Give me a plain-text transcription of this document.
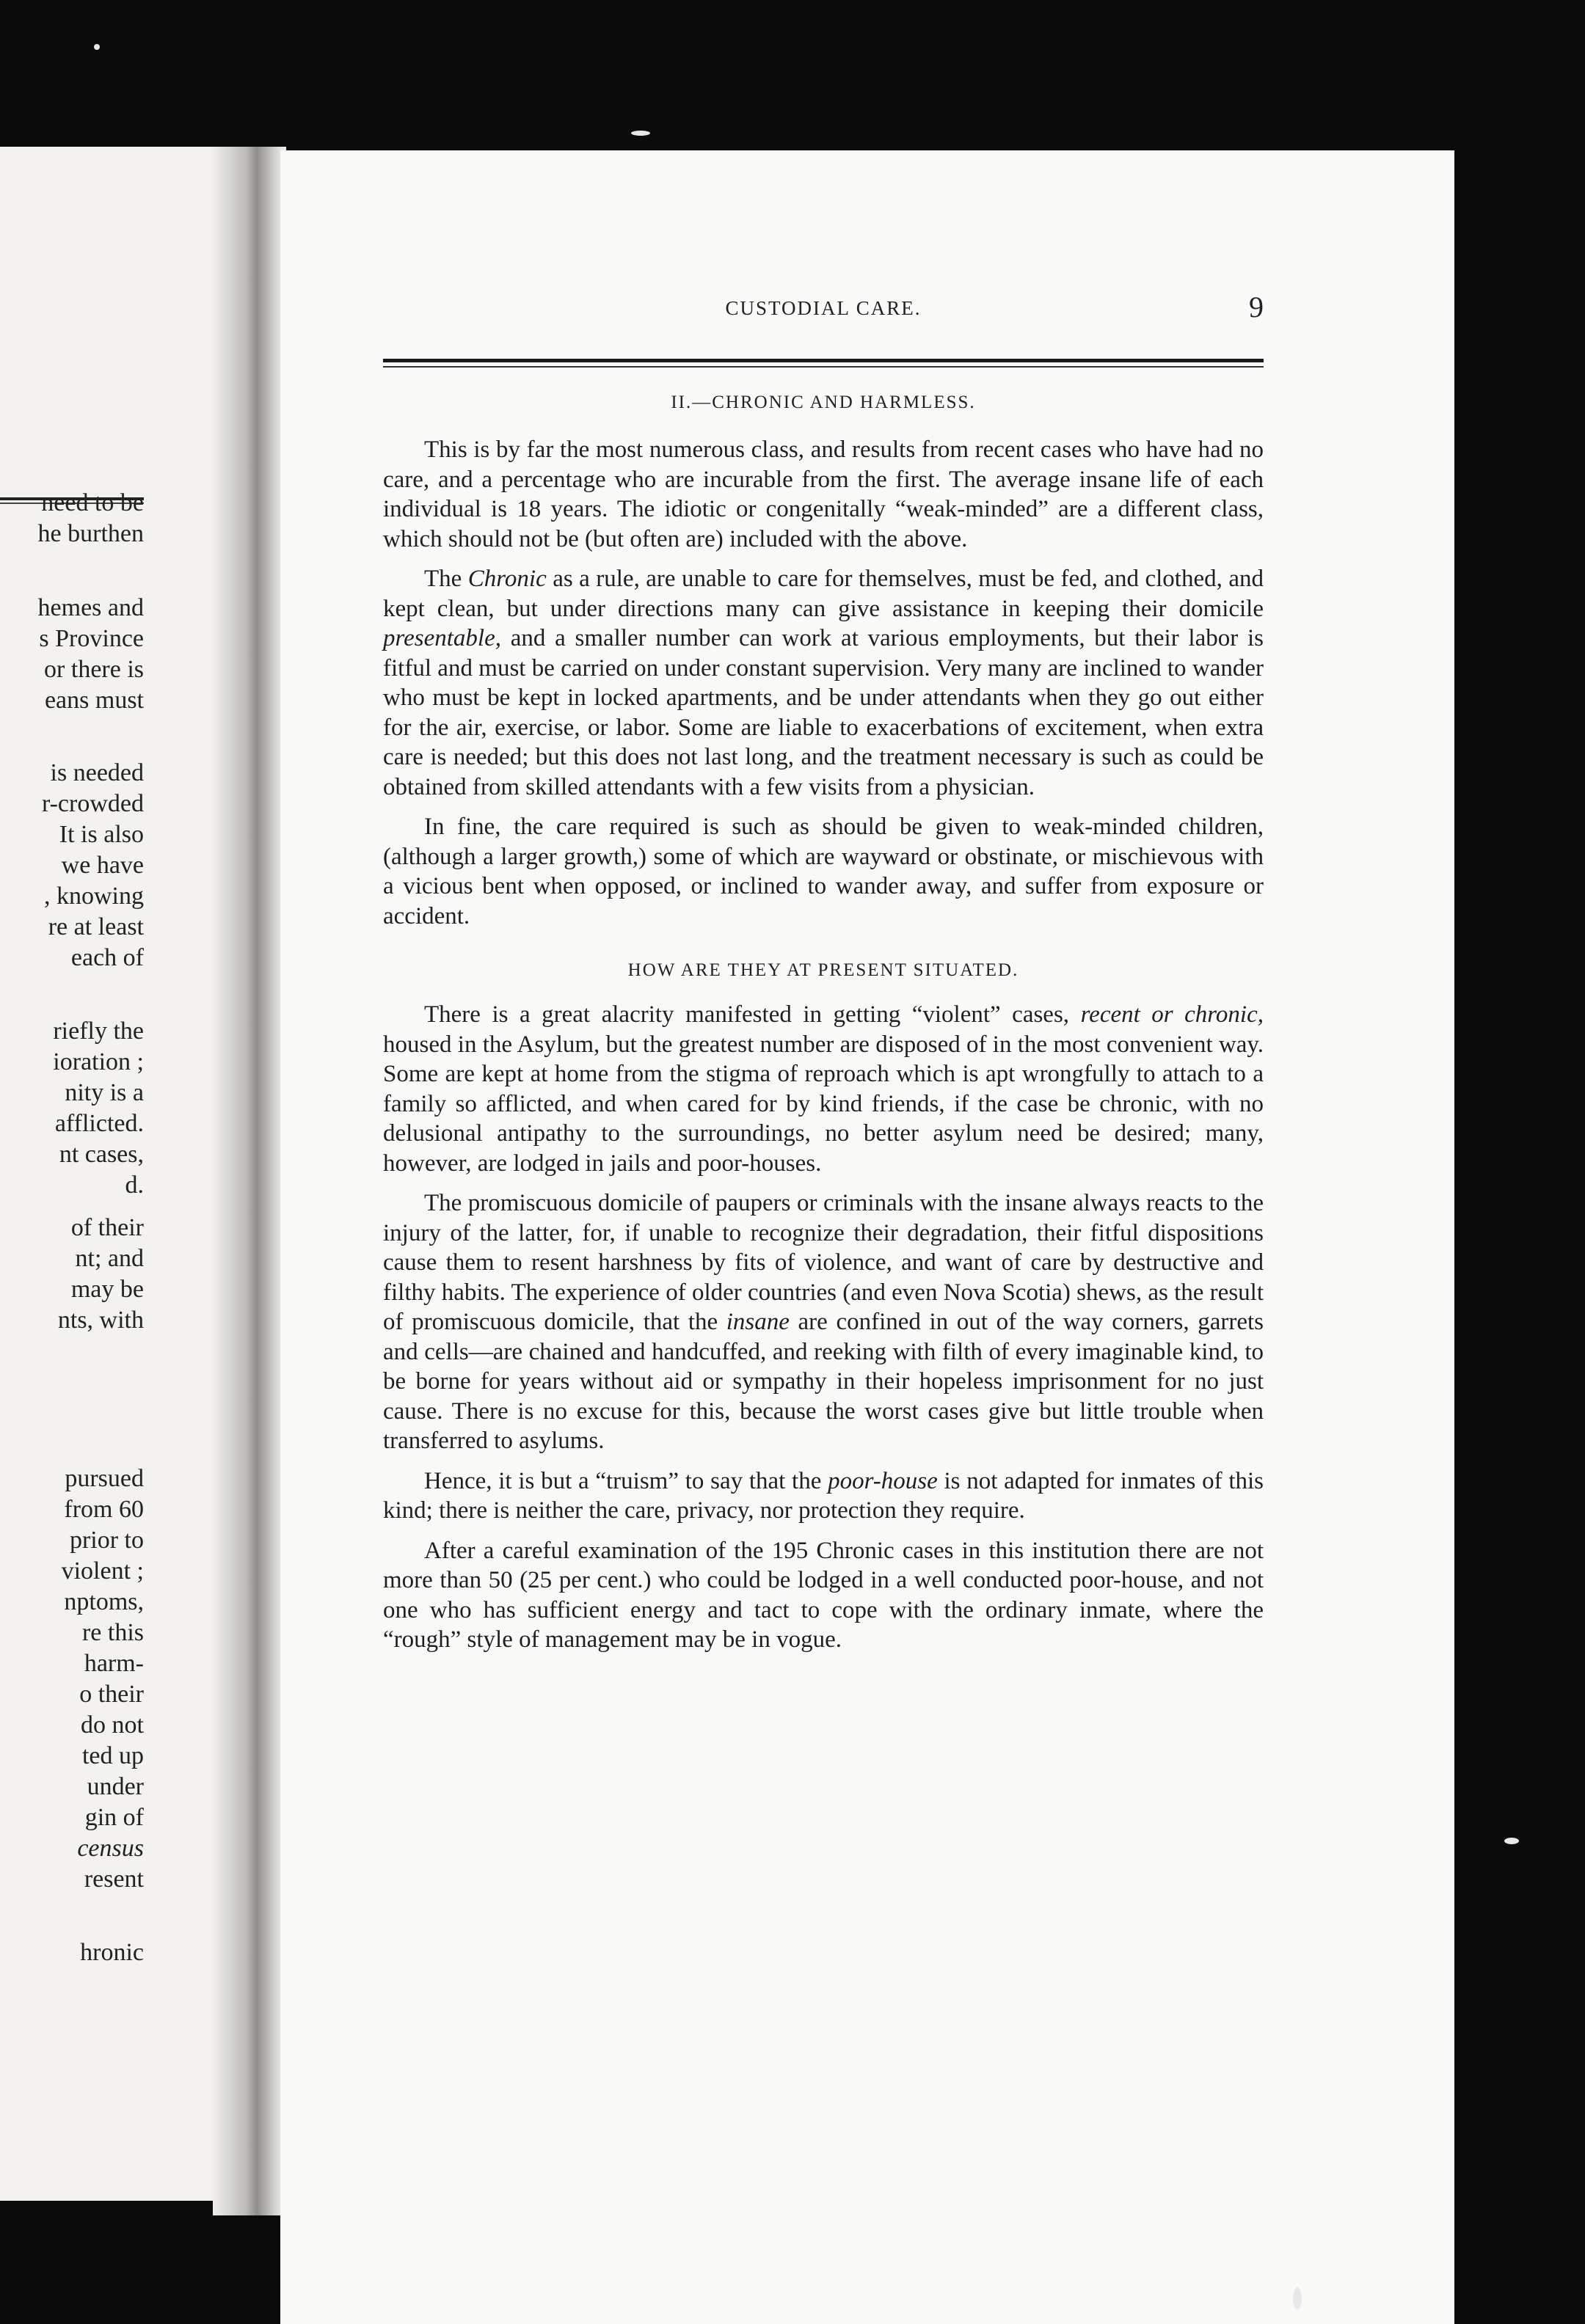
need to be
he burthen
hemes and
s Province
or there is
eans must
is needed
r-crowded
It is also
we have
, knowing
re at least
each of
riefly the
ioration ;
nity is a
afflicted.
nt cases,
d.
of their
nt; and
may be
nts, with
pursued
from 60
prior to
violent ;
nptoms,
re this
harm-
o their
do not
ted up
under
gin of
census
resent
hronic
CUSTODIAL CARE.	9
II.—CHRONIC AND HARMLESS.

This is by far the most numerous class, and results from recent cases who have had no care, and a percentage who are incurable from the first. The average insane life of each individual is 18 years. The idiotic or congenitally “weak-minded” are a different class, which should not be (but often are) included with the above.

The Chronic as a rule, are unable to care for themselves, must be fed, and clothed, and kept clean, but under directions many can give assistance in keeping their domicile presentable, and a smaller number can work at various employments, but their labor is fitful and must be carried on under constant supervision. Very many are inclined to wander who must be kept in locked apartments, and be under attendants when they go out either for the air, exercise, or labor. Some are liable to exacerbations of excitement, when extra care is needed; but this does not last long, and the treatment necessary is such as could be obtained from skilled attendants with a few visits from a physician.

In fine, the care required is such as should be given to weak-minded children, (although a larger growth,) some of which are wayward or obstinate, or mischievous with a vicious bent when opposed, or inclined to wander away, and suffer from exposure or accident.

HOW ARE THEY AT PRESENT SITUATED.

There is a great alacrity manifested in getting “violent” cases, recent or chronic, housed in the Asylum, but the greatest number are disposed of in the most convenient way. Some are kept at home from the stigma of reproach which is apt wrongfully to attach to a family so afflicted, and when cared for by kind friends, if the case be chronic, with no delusional antipathy to the surroundings, no better asylum need be desired; many, however, are lodged in jails and poor-houses.

The promiscuous domicile of paupers or criminals with the insane always reacts to the injury of the latter, for, if unable to recognize their degradation, their fitful dispositions cause them to resent harshness by fits of violence, and want of care by destructive and filthy habits. The experience of older countries (and even Nova Scotia) shews, as the result of promiscuous domicile, that the insane are confined in out of the way corners, garrets and cells—are chained and handcuffed, and reeking with filth of every imaginable kind, to be borne for years without aid or sympathy in their hopeless imprisonment for no just cause. There is no excuse for this, because the worst cases give but little trouble when transferred to asylums.

Hence, it is but a “truism” to say that the poor-house is not adapted for inmates of this kind; there is neither the care, privacy, nor protection they require.

After a careful examination of the 195 Chronic cases in this institution there are not more than 50 (25 per cent.) who could be lodged in a well conducted poor-house, and not one who has sufficient energy and tact to cope with the ordinary inmate, where the “rough” style of management may be in vogue.
